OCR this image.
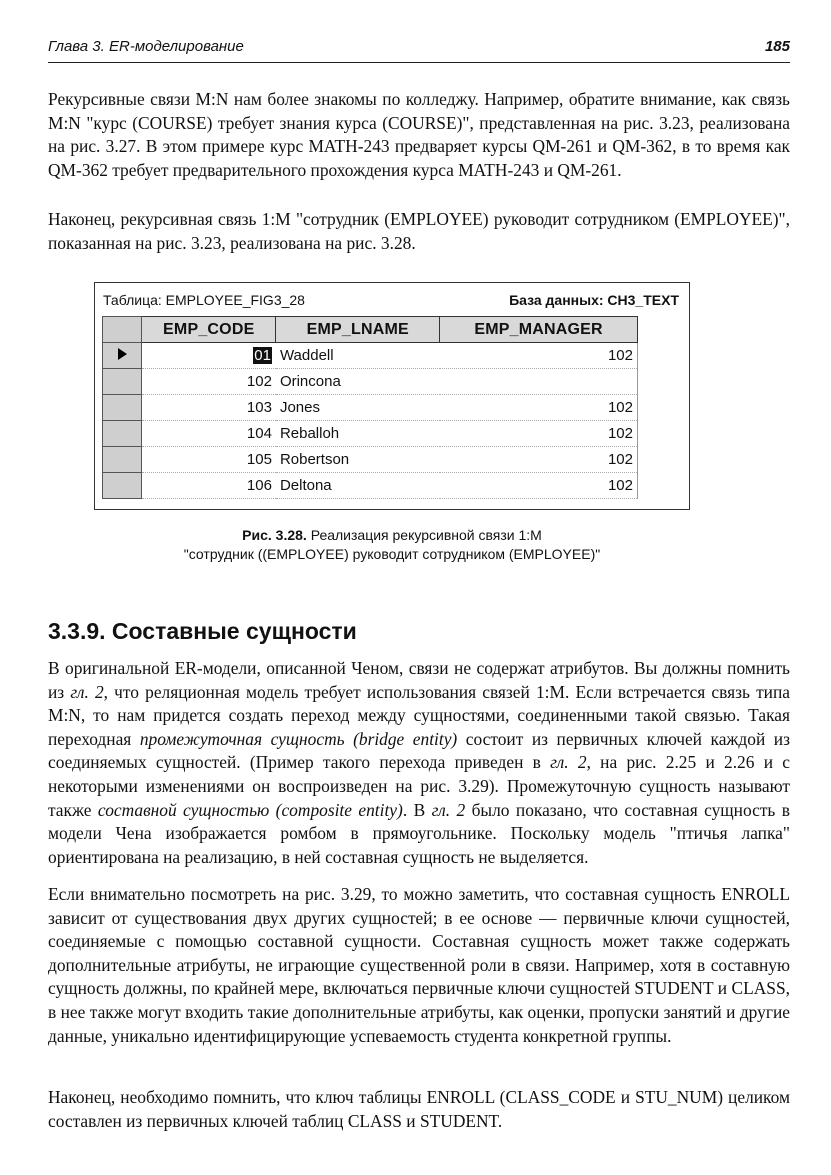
Глава 3. ER-моделирование	185

Рекурсивные связи M:N нам более знакомы по колледжу. Например, обратите внимание, как связь M:N "курс (COURSE) требует знания курса (COURSE)", представленная на рис. 3.23, реализована на рис. 3.27. В этом примере курс MATH-243 предваряет курсы QM-261 и QM-362, в то время как QM-362 требует предварительного прохождения курса MATH-243 и QM-261.

Наконец, рекурсивная связь 1:M "сотрудник (EMPLOYEE) руководит сотрудником (EMPLOYEE)", показанная на рис. 3.23, реализована на рис. 3.28.

Таблица: EMPLOYEE_FIG3_28	База данных: CH3_TEXT
	EMP_CODE	EMP_LNAME	EMP_MANAGER
	01	Waddell	102
	102	Orincona	
	103	Jones	102
	104	Reballoh	102
	105	Robertson	102
	106	Deltona	102
Рис. 3.28. Реализация рекурсивной связи 1:M
"сотрудник ((EMPLOYEE) руководит сотрудником (EMPLOYEE)"
3.3.9. Составные сущности

В оригинальной ER-модели, описанной Ченом, связи не содержат атрибутов. Вы должны помнить из гл. 2, что реляционная модель требует использования связей 1:M. Если встречается связь типа M:N, то нам придется создать переход между сущностями, соединенными такой связью. Такая переходная промежуточная сущность (bridge entity) состоит из первичных ключей каждой из соединяемых сущностей. (Пример такого перехода приведен в гл. 2, на рис. 2.25 и 2.26 и с некоторыми изменениями он воспроизведен на рис. 3.29). Промежуточную сущность называют также составной сущностью (composite entity). В гл. 2 было показано, что составная сущность в модели Чена изображается ромбом в прямоугольнике. Поскольку модель "птичья лапка" ориентирована на реализацию, в ней составная сущность не выделяется.

Если внимательно посмотреть на рис. 3.29, то можно заметить, что составная сущность ENROLL зависит от существования двух других сущностей; в ее основе — первичные ключи сущностей, соединяемые с помощью составной сущности. Составная сущность может также содержать дополнительные атрибуты, не играющие существенной роли в связи. Например, хотя в составную сущность должны, по крайней мере, включаться первичные ключи сущностей STUDENT и CLASS, в нее также могут входить такие дополнительные атрибуты, как оценки, пропуски занятий и другие данные, уникально идентифицирующие успеваемость студента конкретной группы.

Наконец, необходимо помнить, что ключ таблицы ENROLL (CLASS_CODE и STU_NUM) целиком составлен из первичных ключей таблиц CLASS и STUDENT.
